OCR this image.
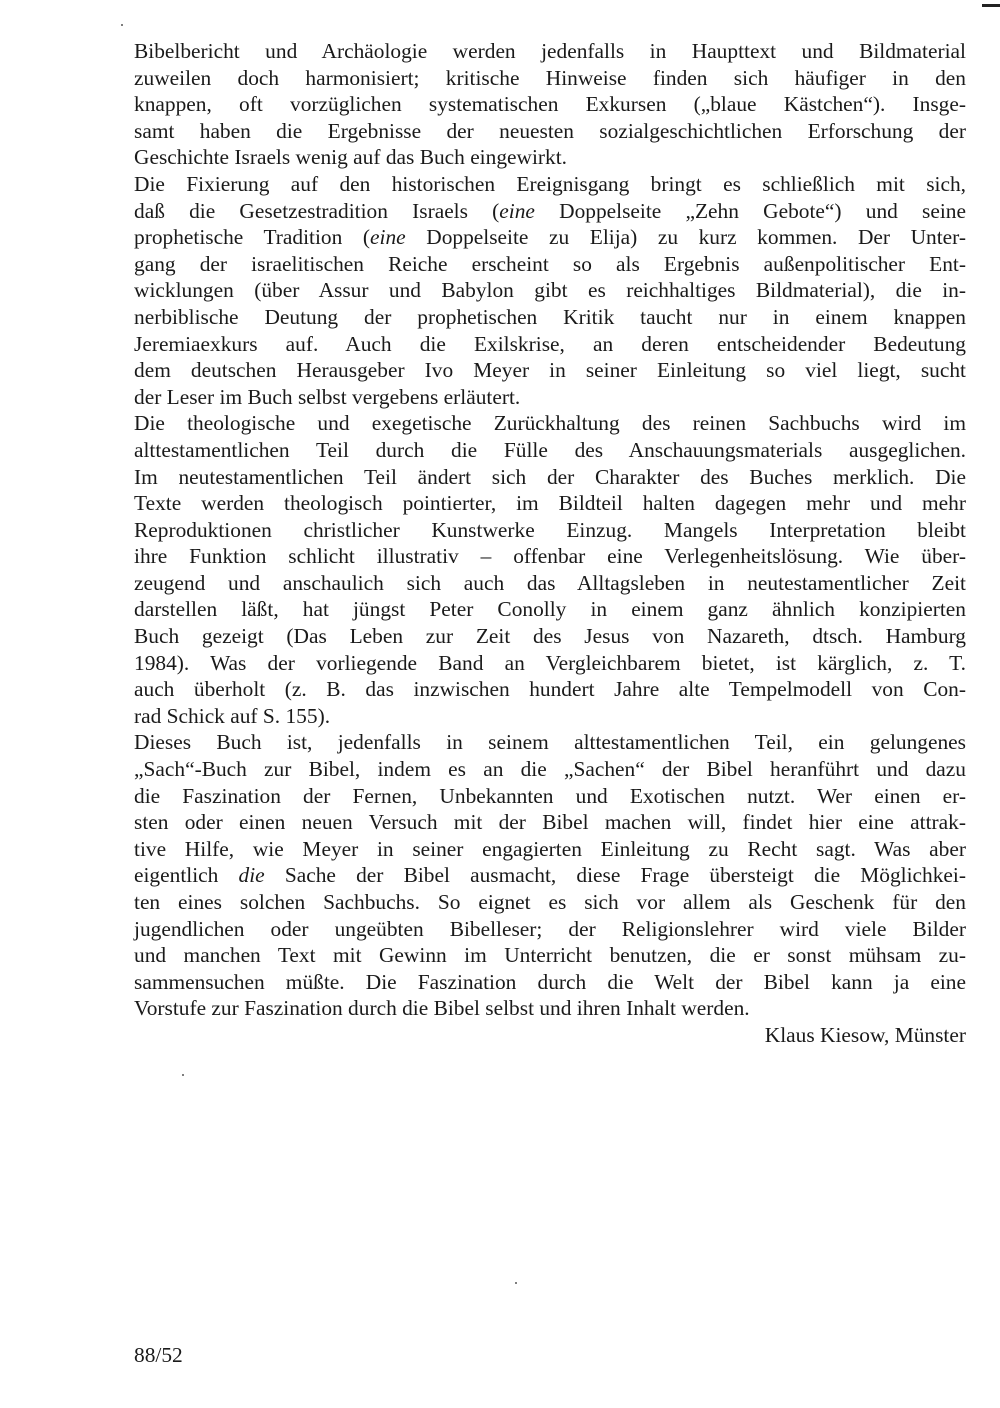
Bibelbericht und Archäologie werden jedenfalls in Haupttext und Bildmaterial
zuweilen doch harmonisiert; kritische Hinweise finden sich häufiger in den
knappen, oft vorzüglichen systematischen Exkursen („blaue Kästchen“). Insge-
samt haben die Ergebnisse der neuesten sozialgeschichtlichen Erforschung der
Geschichte Israels wenig auf das Buch eingewirkt.
Die Fixierung auf den historischen Ereignisgang bringt es schließlich mit sich,
daß die Gesetzestradition Israels (eine Doppelseite „Zehn Gebote“) und seine
prophetische Tradition (eine Doppelseite zu Elija) zu kurz kommen. Der Unter-
gang der israelitischen Reiche erscheint so als Ergebnis außenpolitischer Ent-
wicklungen (über Assur und Babylon gibt es reichhaltiges Bildmaterial), die in-
nerbiblische Deutung der prophetischen Kritik taucht nur in einem knappen
Jeremiaexkurs auf. Auch die Exilskrise, an deren entscheidender Bedeutung
dem deutschen Herausgeber Ivo Meyer in seiner Einleitung so viel liegt, sucht
der Leser im Buch selbst vergebens erläutert.
Die theologische und exegetische Zurückhaltung des reinen Sachbuchs wird im
alttestamentlichen Teil durch die Fülle des Anschauungsmaterials ausgeglichen.
Im neutestamentlichen Teil ändert sich der Charakter des Buches merklich. Die
Texte werden theologisch pointierter, im Bildteil halten dagegen mehr und mehr
Reproduktionen christlicher Kunstwerke Einzug. Mangels Interpretation bleibt
ihre Funktion schlicht illustrativ – offenbar eine Verlegenheitslösung. Wie über-
zeugend und anschaulich sich auch das Alltagsleben in neutestamentlicher Zeit
darstellen läßt, hat jüngst Peter Conolly in einem ganz ähnlich konzipierten
Buch gezeigt (Das Leben zur Zeit des Jesus von Nazareth, dtsch. Hamburg
1984). Was der vorliegende Band an Vergleichbarem bietet, ist kärglich, z. T.
auch überholt (z. B. das inzwischen hundert Jahre alte Tempelmodell von Con-
rad Schick auf S. 155).
Dieses Buch ist, jedenfalls in seinem alttestamentlichen Teil, ein gelungenes
„Sach“-Buch zur Bibel, indem es an die „Sachen“ der Bibel heranführt und dazu
die Faszination der Fernen, Unbekannten und Exotischen nutzt. Wer einen er-
sten oder einen neuen Versuch mit der Bibel machen will, findet hier eine attrak-
tive Hilfe, wie Meyer in seiner engagierten Einleitung zu Recht sagt. Was aber
eigentlich die Sache der Bibel ausmacht, diese Frage übersteigt die Möglichkei-
ten eines solchen Sachbuchs. So eignet es sich vor allem als Geschenk für den
jugendlichen oder ungeübten Bibelleser; der Religionslehrer wird viele Bilder
und manchen Text mit Gewinn im Unterricht benutzen, die er sonst mühsam zu-
sammensuchen müßte. Die Faszination durch die Welt der Bibel kann ja eine
Vorstufe zur Faszination durch die Bibel selbst und ihren Inhalt werden.
Klaus Kiesow, Münster
88/52
